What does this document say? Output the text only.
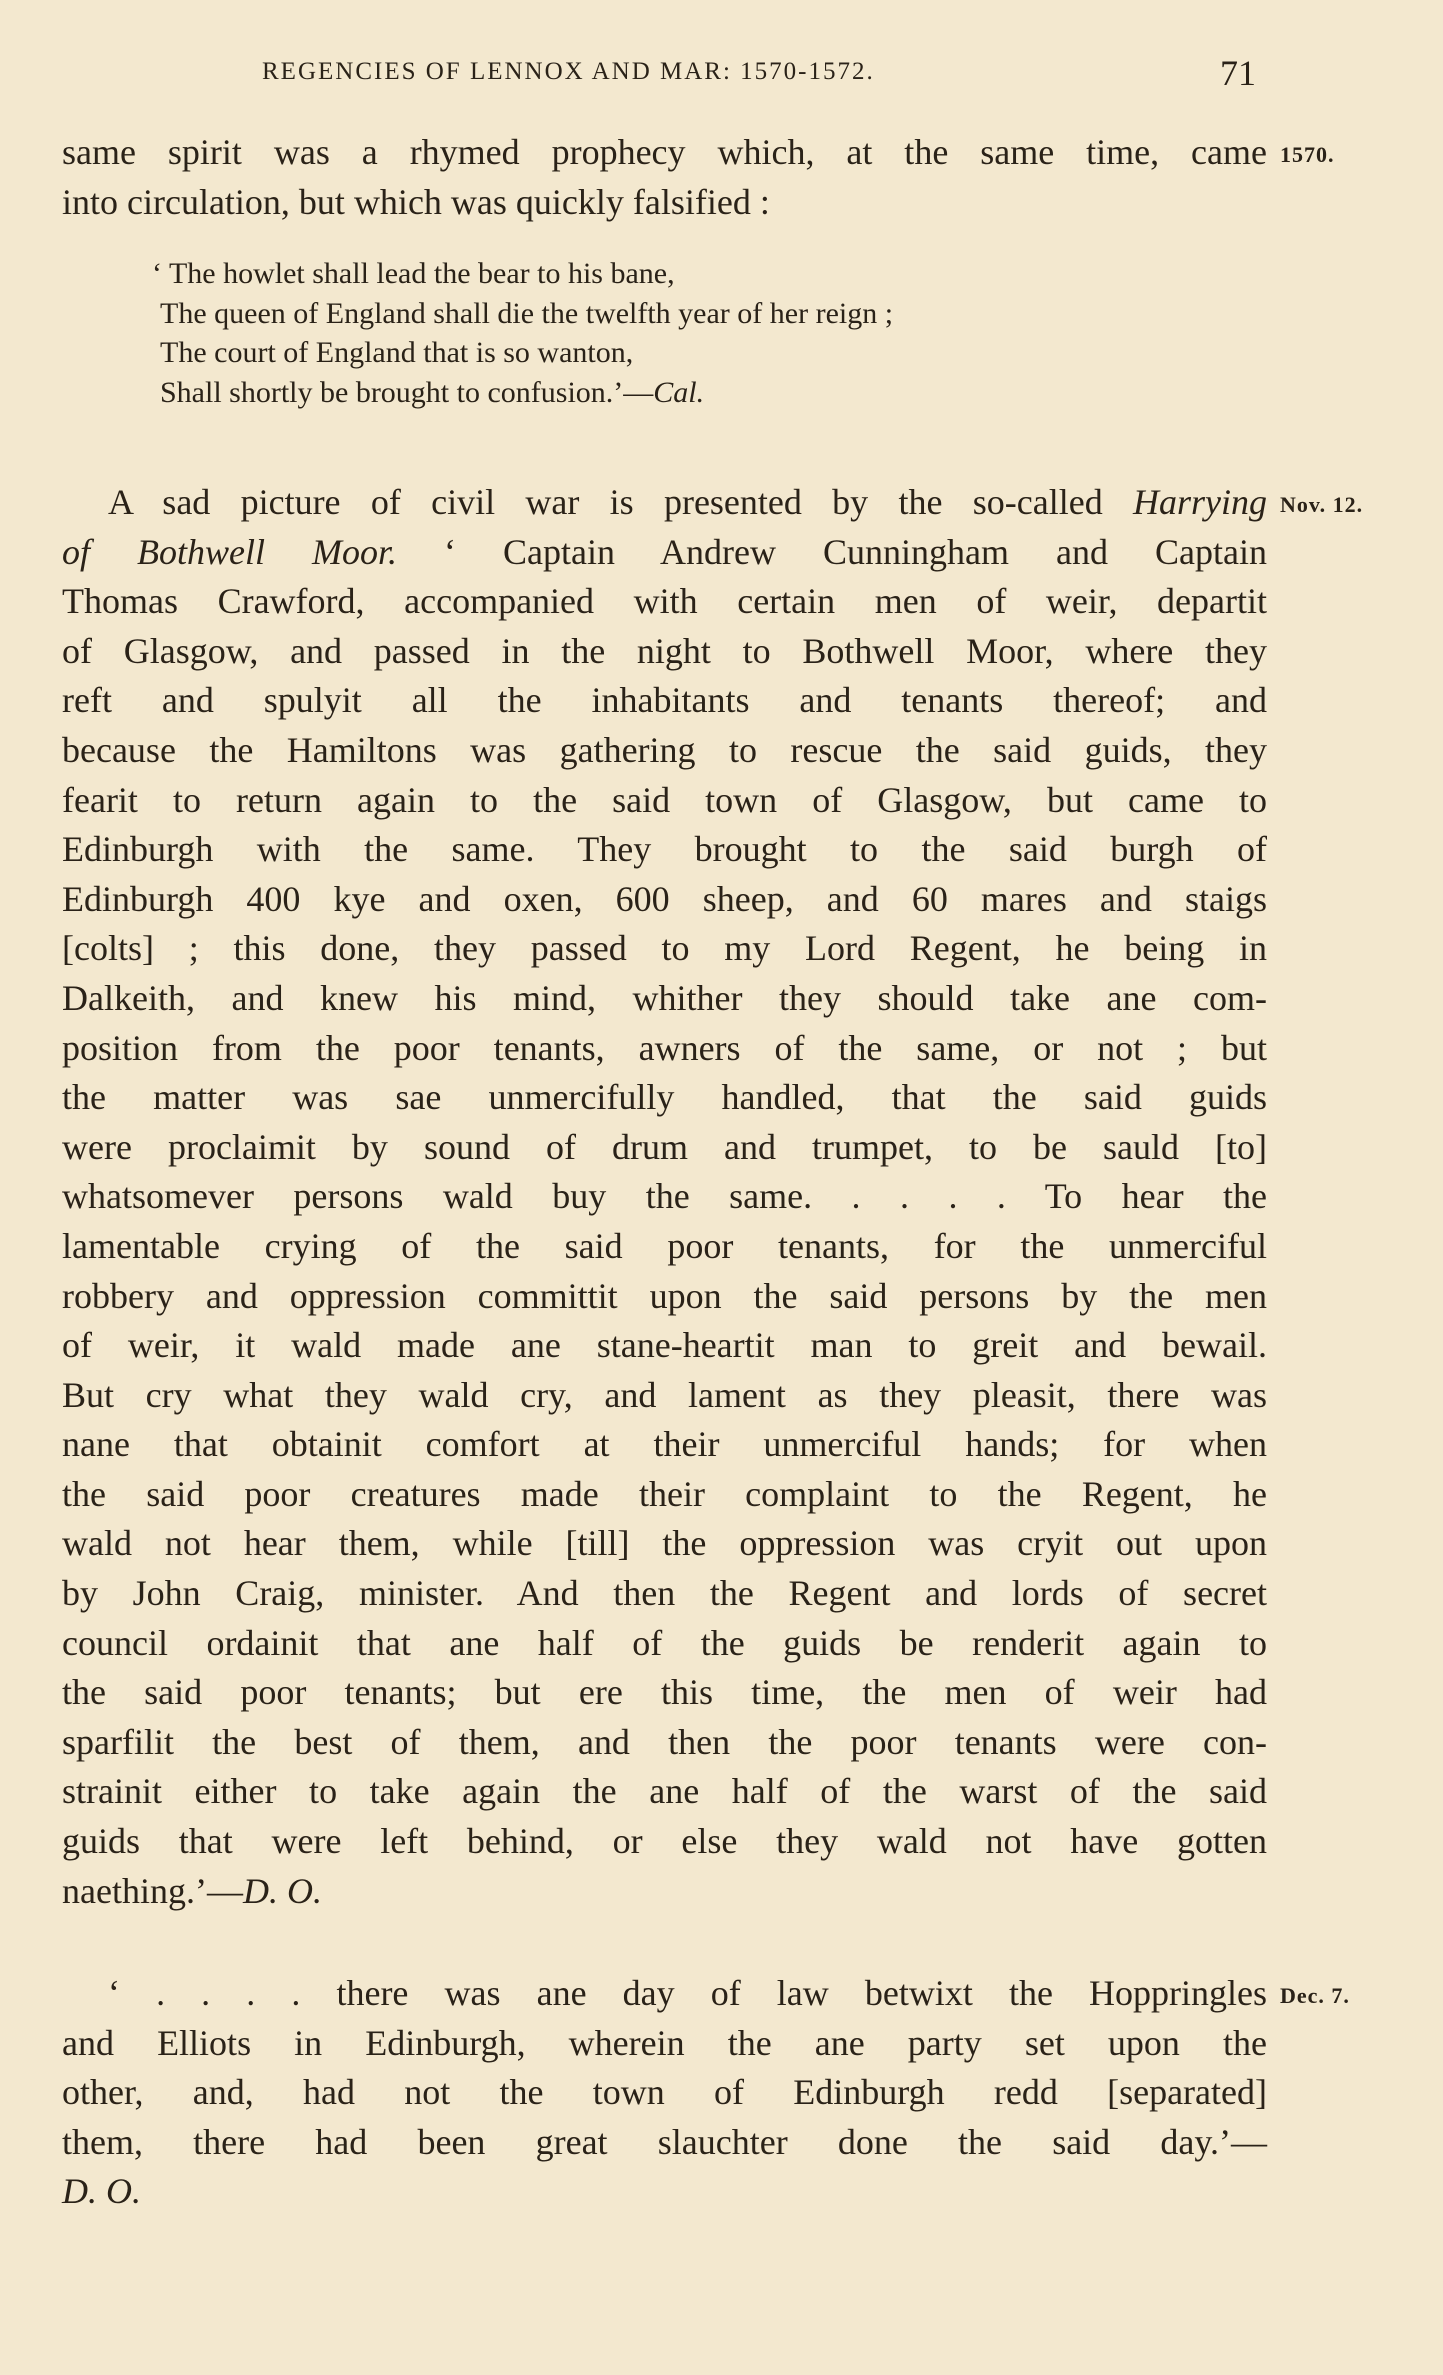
REGENCIES OF LENNOX AND MAR: 1570-1572.	71
same spirit was a rhymed prophecy which, at the same time, came
into circulation, but which was quickly falsified :
1570.
‘ The howlet shall lead the bear to his bane,
The queen of England shall die the twelfth year of her reign ;
The court of England that is so wanton,
Shall shortly be brought to confusion.’—Cal.
A sad picture of civil war is presented by the so-called Harrying
of Bothwell Moor. ‘ Captain Andrew Cunningham and Captain
Thomas Crawford, accompanied with certain men of weir, departit
of Glasgow, and passed in the night to Bothwell Moor, where they
reft and spulyit all the inhabitants and tenants thereof; and
because the Hamiltons was gathering to rescue the said guids, they
fearit to return again to the said town of Glasgow, but came to
Edinburgh with the same. They brought to the said burgh of
Edinburgh 400 kye and oxen, 600 sheep, and 60 mares and staigs
[colts] ; this done, they passed to my Lord Regent, he being in
Dalkeith, and knew his mind, whither they should take ane com-
position from the poor tenants, awners of the same, or not ; but
the matter was sae unmercifully handled, that the said guids
were proclaimit by sound of drum and trumpet, to be sauld [to]
whatsomever persons wald buy the same. . . . . To hear the
lamentable crying of the said poor tenants, for the unmerciful
robbery and oppression committit upon the said persons by the men
of weir, it wald made ane stane-heartit man to greit and bewail.
But cry what they wald cry, and lament as they pleasit, there was
nane that obtainit comfort at their unmerciful hands; for when
the said poor creatures made their complaint to the Regent, he
wald not hear them, while [till] the oppression was cryit out upon
by John Craig, minister. And then the Regent and lords of secret
council ordainit that ane half of the guids be renderit again to
the said poor tenants; but ere this time, the men of weir had
sparfilit the best of them, and then the poor tenants were con-
strainit either to take again the ane half of the warst of the said
guids that were left behind, or else they wald not have gotten
naething.’—D. O.
Nov. 12.
‘ . . . . there was ane day of law betwixt the Hoppringles
and Elliots in Edinburgh, wherein the ane party set upon the
other, and, had not the town of Edinburgh redd [separated]
them, there had been great slauchter done the said day.’—
D. O.
Dec. 7.
